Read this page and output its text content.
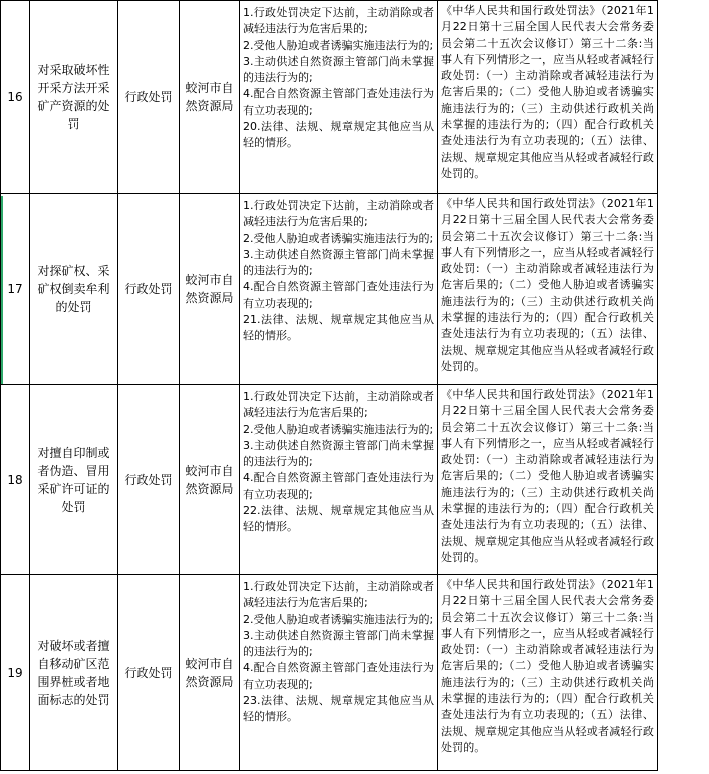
16	对采取破坏性开采方法开采矿产资源的处罚	行政处罚	蛟河市自然资源局	1.行政处罚决定下达前，主动消除或者减轻违法行为危害后果的;
2.受他人胁迫或者诱骗实施违法行为的;
3.主动供述自然资源主管部门尚未掌握的违法行为的;
4.配合自然资源主管部门查处违法行为有立功表现的;
20.法律、法规、规章规定其他应当从轻的情形。	《中华人民共和国行政处罚法》（2021年1月22日第十三届全国人民代表大会常务委员会第二十五次会议修订）第三十二条:当事人有下列情形之一，应当从轻或者减轻行政处罚:（一）主动消除或者减轻违法行为危害后果的;（二）受他人胁迫或者诱骗实施违法行为的;（三）主动供述行政机关尚未掌握的违法行为的;（四）配合行政机关查处违法行为有立功表现的;（五）法律、法规、规章规定其他应当从轻或者减轻行政处罚的。
17	对探矿权、采矿权倒卖牟利的处罚	行政处罚	蛟河市自然资源局	1.行政处罚决定下达前，主动消除或者减轻违法行为危害后果的;
2.受他人胁迫或者诱骗实施违法行为的;
3.主动供述自然资源主管部门尚未掌握的违法行为的;
4.配合自然资源主管部门查处违法行为有立功表现的;
21.法律、法规、规章规定其他应当从轻的情形。	《中华人民共和国行政处罚法》（2021年1月22日第十三届全国人民代表大会常务委员会第二十五次会议修订）第三十二条:当事人有下列情形之一，应当从轻或者减轻行政处罚:（一）主动消除或者减轻违法行为危害后果的;（二）受他人胁迫或者诱骗实施违法行为的;（三）主动供述行政机关尚未掌握的违法行为的;（四）配合行政机关查处违法行为有立功表现的;（五）法律、法规、规章规定其他应当从轻或者减轻行政处罚的。
18	对擅自印制或者伪造、冒用采矿许可证的处罚	行政处罚	蛟河市自然资源局	1.行政处罚决定下达前，主动消除或者减轻违法行为危害后果的;
2.受他人胁迫或者诱骗实施违法行为的;
3.主动供述自然资源主管部门尚未掌握的违法行为的;
4.配合自然资源主管部门查处违法行为有立功表现的;
22.法律、法规、规章规定其他应当从轻的情形。	《中华人民共和国行政处罚法》（2021年1月22日第十三届全国人民代表大会常务委员会第二十五次会议修订）第三十二条:当事人有下列情形之一，应当从轻或者减轻行政处罚:（一）主动消除或者减轻违法行为危害后果的;（二）受他人胁迫或者诱骗实施违法行为的;（三）主动供述行政机关尚未掌握的违法行为的;（四）配合行政机关查处违法行为有立功表现的;（五）法律、法规、规章规定其他应当从轻或者减轻行政处罚的。
19	对破坏或者擅自移动矿区范围界桩或者地面标志的处罚	行政处罚	蛟河市自然资源局	1.行政处罚决定下达前，主动消除或者减轻违法行为危害后果的;
2.受他人胁迫或者诱骗实施违法行为的;
3.主动供述自然资源主管部门尚未掌握的违法行为的;
4.配合自然资源主管部门查处违法行为有立功表现的;
23.法律、法规、规章规定其他应当从轻的情形。	《中华人民共和国行政处罚法》（2021年1月22日第十三届全国人民代表大会常务委员会第二十五次会议修订）第三十二条:当事人有下列情形之一，应当从轻或者减轻行政处罚:（一）主动消除或者减轻违法行为危害后果的;（二）受他人胁迫或者诱骗实施违法行为的;（三）主动供述行政机关尚未掌握的违法行为的;（四）配合行政机关查处违法行为有立功表现的;（五）法律、法规、规章规定其他应当从轻或者减轻行政处罚的。
